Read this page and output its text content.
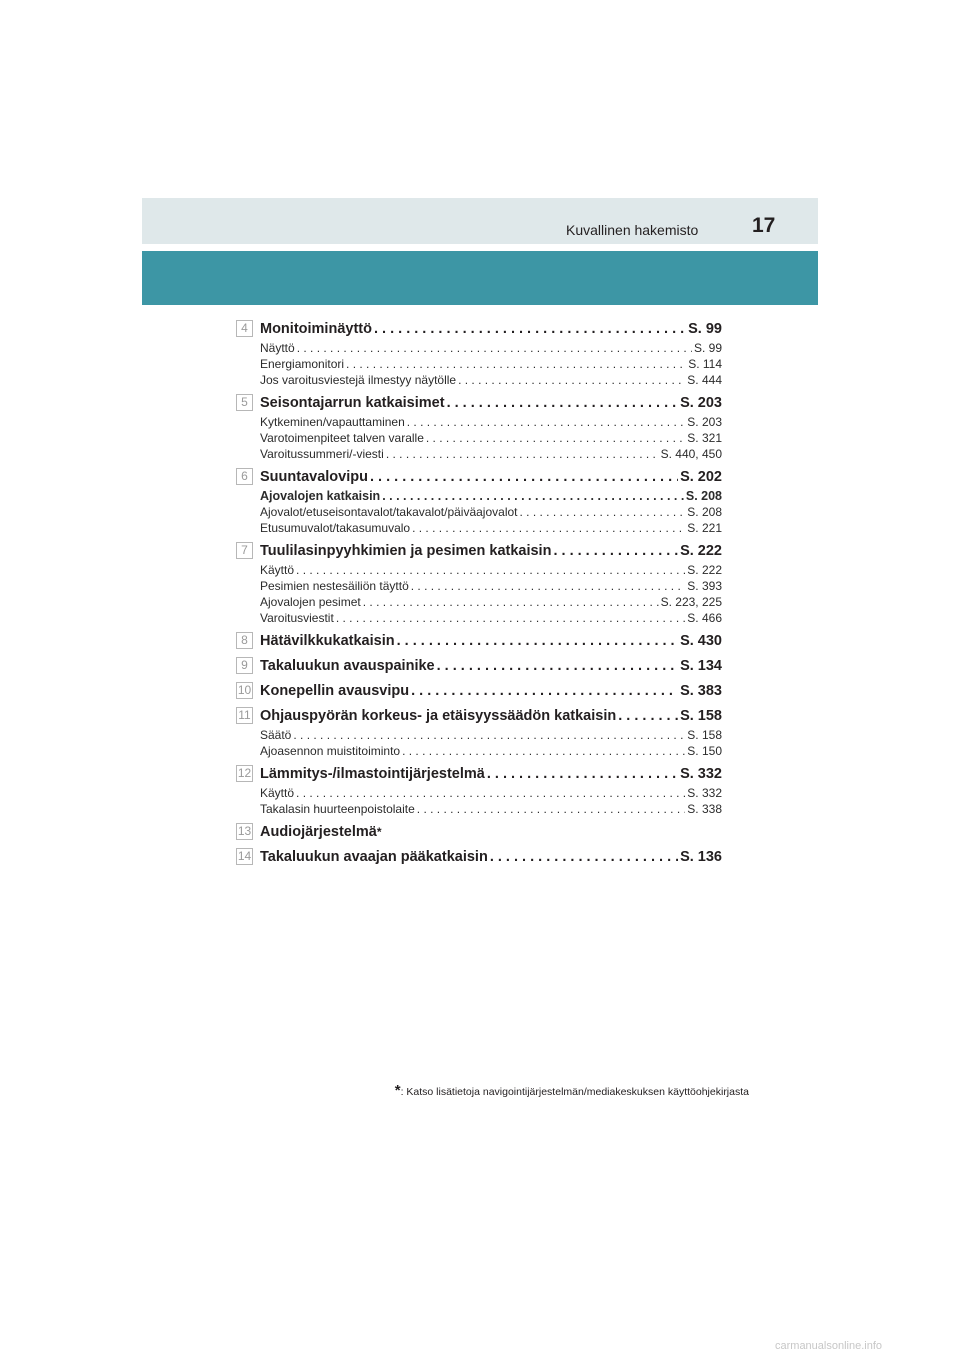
Kuvallinen hakemisto	17
4 Monitoiminäyttö . . .	S. 99
Näyttö . . .	S. 99
Energiamonitori . . .	S. 114
Jos varoitusviestejä ilmestyy näytölle . . .	S. 444
5 Seisontajarrun katkaisimet . . .	S. 203
Kytkeminen/vapauttaminen . . .	S. 203
Varotoimenpiteet talven varalle . . .	S. 321
Varoitussummeri/-viesti . . .	S. 440, 450
6 Suuntavalovipu . . .	S. 202
Ajovalojen katkaisin . . .	S. 208
Ajovalot/etuseisontavalot/takavalot/päiväajovalot . . .	S. 208
Etusumuvalot/takasumuvalo . . .	S. 221
7 Tuulilasinpyyhkimien ja pesimen katkaisin . . .	S. 222
Käyttö . . .	S. 222
Pesimien nestesäiliön täyttö . . .	S. 393
Ajovalojen pesimet . . .	S. 223, 225
Varoitusviestit . . .	S. 466
8 Hätävilkkukatkaisin . . .	S. 430
9 Takaluukun avauspainike . . .	S. 134
10 Konepellin avausvipu . . .	S. 383
11 Ohjauspyörän korkeus- ja etäisyyssäädön katkaisin . . .	S. 158
Säätö . . .	S. 158
Ajoasennon muistitoiminto . . .	S. 150
12 Lämmitys-/ilmastointijärjestelmä . . .	S. 332
Käyttö . . .	S. 332
Takalasin huurteenpoistolaite . . .	S. 338
13 Audiojärjestelmä *
14 Takaluukun avaajan pääkatkaisin . . .	S. 136
*: Katso lisätietoja navigointijärjestelmän/mediakeskuksen käyttöohjekirjasta
carmanualsonline.info
